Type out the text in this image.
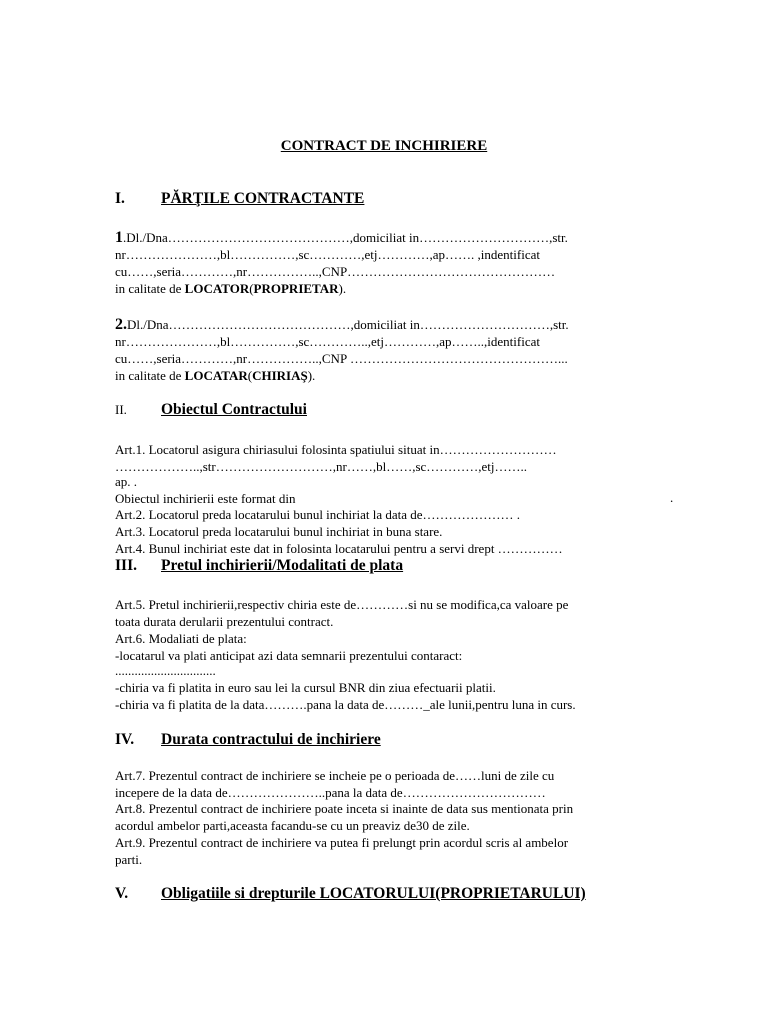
CONTRACT DE INCHIRIERE
I. PĂRŢILE CONTRACTANTE
1.Dl./Dna……………………………………,domiciliat in…………………………,str.
nr…………………,bl……………,sc…………,etj…………,ap……. ,indentificat
cu……,seria…………,nr……………..,CNP…………………………………………
in calitate de LOCATOR(PROPRIETAR).
2.Dl./Dna……………………………………,domiciliat in…………………………,str.
nr…………………,bl……………,sc…………..,etj…………,ap……..,identificat
cu……,seria…………,nr……………..,CNP …………………………………………...
in calitate de LOCATAR(CHIRIAŞ).
II. Obiectul Contractului
Art.1. Locatorul asigura chiriasului folosinta spatiului situat in………………………
………………..,str………………………,nr……,bl……,sc…………,etj……..
ap. .
Obiectul inchirierii este format din	.
Art.2. Locatorul preda locatarului bunul inchiriat la data de………………… .
Art.3. Locatorul preda locatarului bunul inchiriat in buna stare.
Art.4. Bunul inchiriat este dat in folosinta locatarului pentru a servi drept ……………
III. Pretul inchirierii/Modalitati de plata
Art.5. Pretul inchirierii,respectiv chiria este de…………si nu se modifica,ca valoare pe
toata durata derularii prezentului contract.
Art.6. Modaliati de plata:
-locatarul va plati anticipat azi data semnarii prezentului contaract:
...............................
-chiria va fi platita in euro sau lei la cursul BNR din ziua efectuarii platii.
-chiria va fi platita de la data……….pana la data de………_ale lunii,pentru luna in curs.
IV. Durata contractului de inchiriere
Art.7. Prezentul contract de inchiriere se incheie pe o perioada de……luni de zile cu
incepere de la data de…………………..pana la data de……………………………
Art.8. Prezentul contract de inchiriere poate inceta si inainte de data sus mentionata prin
acordul ambelor parti,aceasta facandu-se cu un preaviz de30 de zile.
Art.9. Prezentul contract de inchiriere va putea fi prelungt prin acordul scris al ambelor
parti.
V. Obligatiile si drepturile LOCATORULUI(PROPRIETARULUI)
